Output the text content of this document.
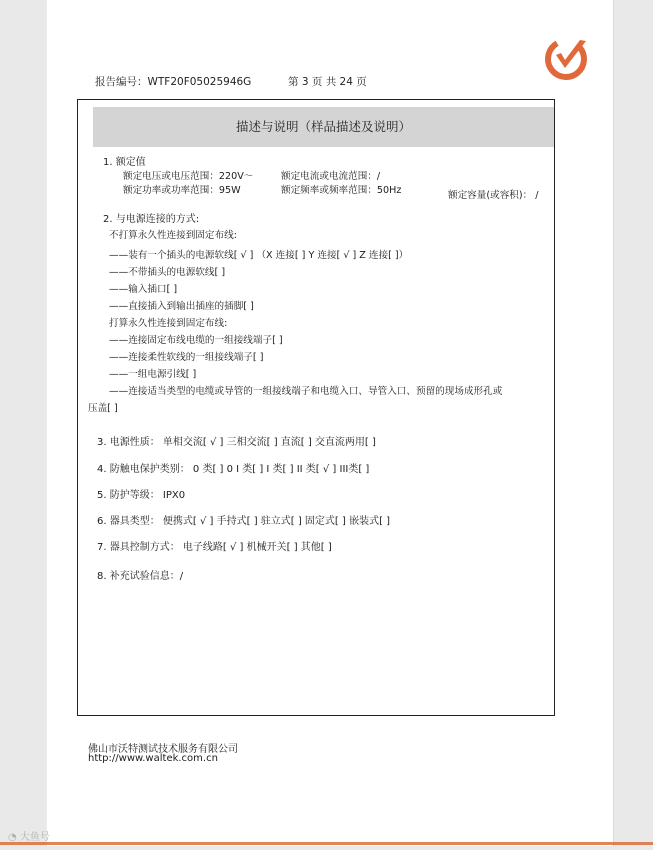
报告编号：WTF20F05025946G	第 3 页 共 24 页
描述与说明（样品描述及说明）
1. 额定值
额定电压或电压范围：220V～	额定电流或电流范围：/
额定功率或功率范围：95W	额定频率或频率范围：50Hz	额定容量(或容积)： /
2. 与电源连接的方式:
不打算永久性连接到固定布线:
——装有一个插头的电源软线[ √ ] （X 连接[ ] Y 连接[ √ ] Z 连接[ ]）
——不带插头的电源软线[ ]
——输入插口[ ]
——直接插入到输出插座的插脚[ ]
打算永久性连接到固定布线:
——连接固定布线电缆的一组接线端子[ ]
——连接柔性软线的一组接线端子[ ]
——一组电源引线[ ]
——连接适当类型的电缆或导管的一组接线端子和电缆入口、导管入口、预留的现场成形孔或
压盖[ ]
3. 电源性质： 单相交流[ √ ] 三相交流[ ] 直流[ ] 交直流两用[ ]
4. 防触电保护类别： 0 类[ ] 0 I 类[ ] I 类[ ] II 类[ √ ] III类[ ]
5. 防护等级： IPX0
6. 器具类型： 便携式[ √ ] 手持式[ ] 驻立式[ ] 固定式[ ] 嵌装式[ ]
7. 器具控制方式： 电子线路[ √ ] 机械开关[ ] 其他[ ]
8. 补充试验信息：/
佛山市沃特测试技术服务有限公司
http://www.waltek.com.cn
◔ 大鱼号
